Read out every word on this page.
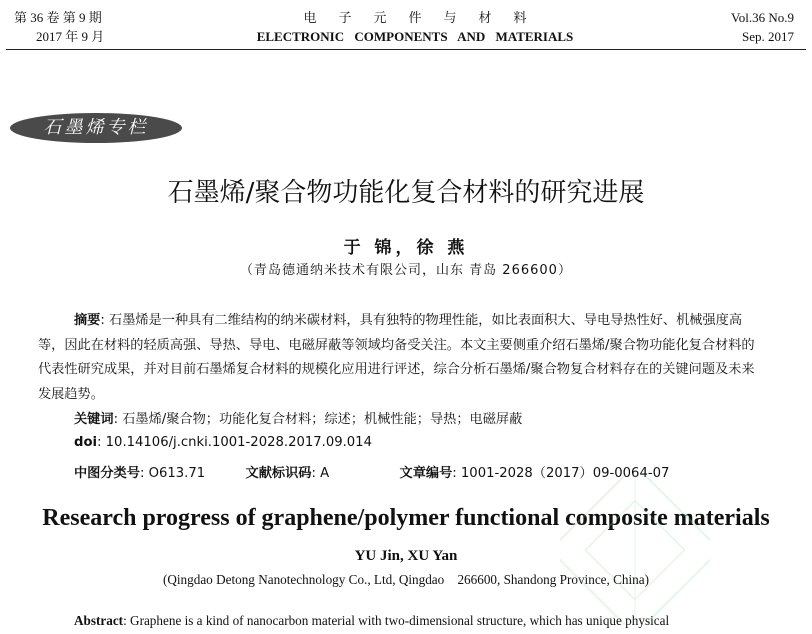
第 36 卷 第 9 期
2017 年 9 月
电子元件与材料
ELECTRONIC COMPONENTS AND MATERIALS
Vol.36 No.9
Sep. 2017
石墨烯专栏
石墨烯/聚合物功能化复合材料的研究进展
于 锦，徐 燕
（青岛德通纳米技术有限公司，山东 青岛 266600）
摘要: 石墨烯是一种具有二维结构的纳米碳材料，具有独特的物理性能，如比表面积大、导电导热性好、机械强度高等，因此在材料的轻质高强、导热、导电、电磁屏蔽等领域均备受关注。本文主要侧重介绍石墨烯/聚合物功能化复合材料的代表性研究成果，并对目前石墨烯复合材料的规模化应用进行评述，综合分析石墨烯/聚合物复合材料存在的关键问题及未来发展趋势。
关键词: 石墨烯/聚合物；功能化复合材料；综述；机械性能；导热；电磁屏蔽
doi: 10.14106/j.cnki.1001-2028.2017.09.014
中图分类号: O613.71	文献标识码: A	文章编号: 1001-2028（2017）09-0064-07
Research progress of graphene/polymer functional composite materials
YU Jin, XU Yan
(Qingdao Detong Nanotechnology Co., Ltd, Qingdao    266600, Shandong Province, China)
Abstract: Graphene is a kind of nanocarbon material with two-dimensional structure, which has unique physical
